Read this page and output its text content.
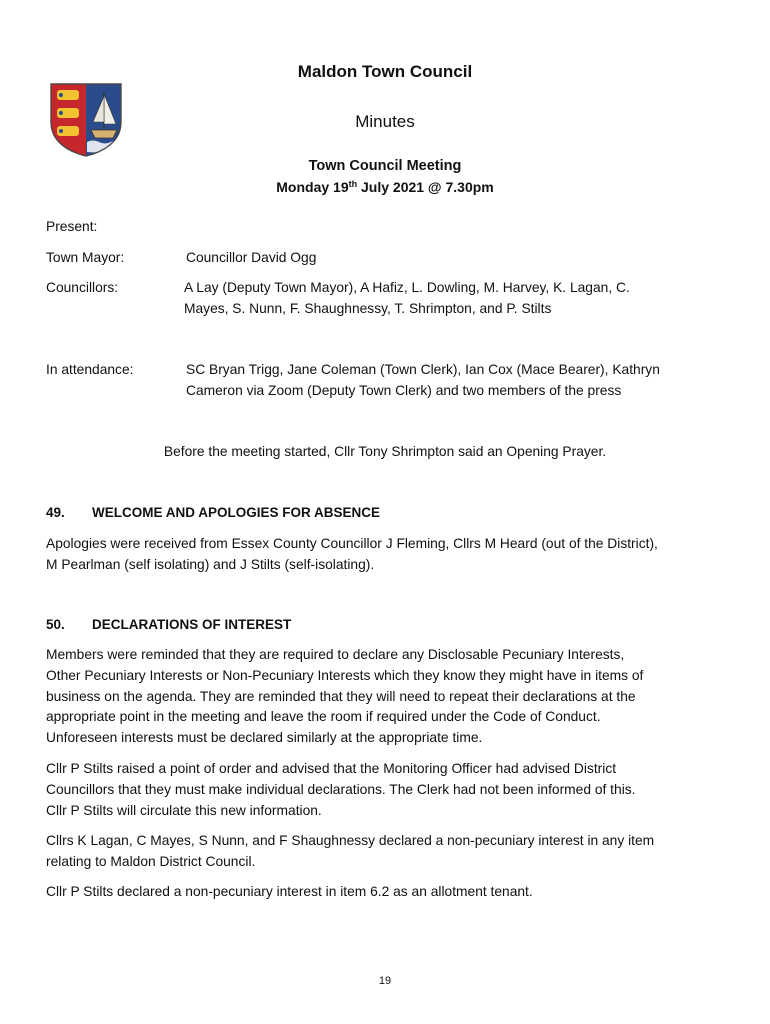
Maldon Town Council
Minutes
Town Council Meeting
Monday 19th July 2021 @ 7.30pm
Present:
Town Mayor:	Councillor David Ogg
Councillors:	A Lay (Deputy Town Mayor), A Hafiz, L. Dowling, M. Harvey, K. Lagan, C.
Mayes, S. Nunn, F. Shaughnessy, T. Shrimpton, and P. Stilts
In attendance:	SC Bryan Trigg, Jane Coleman (Town Clerk), Ian Cox (Mace Bearer), Kathryn
Cameron via Zoom (Deputy Town Clerk) and two members of the press
Before the meeting started, Cllr Tony Shrimpton said an Opening Prayer.
49. WELCOME AND APOLOGIES FOR ABSENCE
Apologies were received from Essex County Councillor J Fleming, Cllrs M Heard (out of the District),
M Pearlman (self isolating) and J Stilts (self-isolating).
50. DECLARATIONS OF INTEREST
Members were reminded that they are required to declare any Disclosable Pecuniary Interests,
Other Pecuniary Interests or Non-Pecuniary Interests which they know they might have in items of
business on the agenda. They are reminded that they will need to repeat their declarations at the
appropriate point in the meeting and leave the room if required under the Code of Conduct.
Unforeseen interests must be declared similarly at the appropriate time.
Cllr P Stilts raised a point of order and advised that the Monitoring Officer had advised District
Councillors that they must make individual declarations. The Clerk had not been informed of this.
Cllr P Stilts will circulate this new information.
Cllrs K Lagan, C Mayes, S Nunn, and F Shaughnessy declared a non-pecuniary interest in any item
relating to Maldon District Council.
Cllr P Stilts declared a non-pecuniary interest in item 6.2 as an allotment tenant.
19
